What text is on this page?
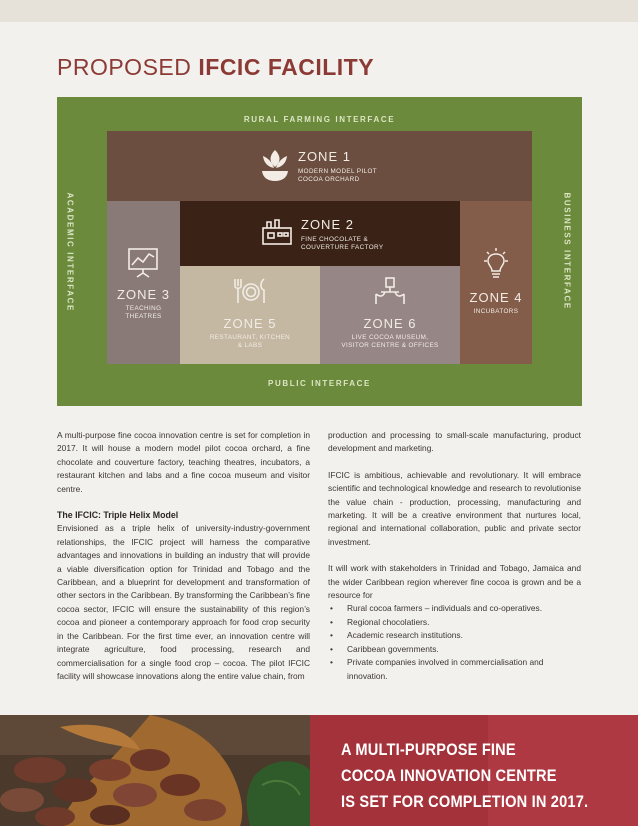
PROPOSED IFCIC FACILITY
RURAL FARMING INTERFACE
PUBLIC INTERFACE
ACADEMIC INTERFACE	BUSINESS INTERFACE
ZONE 1
MODERN MODEL PILOT
COCOA ORCHARD
ZONE 2
FINE CHOCOLATE &
COUVERTURE FACTORY
ZONE 3
TEACHING
THEATRES
ZONE 4
INCUBATORS
ZONE 5
RESTAURANT, KITCHEN
& LABS
ZONE 6
LIVE COCOA MUSEUM,
VISITOR CENTRE & OFFICES

A multi-purpose fine cocoa innovation centre is set for completion in 2017. It will house a modern model pilot cocoa orchard, a fine chocolate and couverture factory, teaching theatres, incubators, a restaurant kitchen and labs and a fine cocoa museum and visitor centre.

The IFCIC: Triple Helix Model

Envisioned as a triple helix of university-industry-government relationships, the IFCIC project will harness the comparative advantages and innovations in building an industry that will provide a viable diversification option for Trinidad and Tobago and the Caribbean, and a blueprint for development and transformation of other sectors in the Caribbean. By transforming the Caribbean’s fine cocoa sector, IFCIC will ensure the sustainability of this region’s cocoa and pioneer a contemporary approach for food crop security in the Caribbean. For the first time ever, an innovation centre will integrate agriculture, food processing, research and commercialisation for a single food crop – cocoa. The pilot IFCIC facility will showcase innovations along the entire value chain, from

production and processing to small-scale manufacturing, product development and marketing.

IFCIC is ambitious, achievable and revolutionary. It will embrace scientific and technological knowledge and research to revolutionise the value chain - production, processing, manufacturing and marketing. It will be a creative environment that nurtures local, regional and international collaboration, public and private sector investment.

It will work with stakeholders in Trinidad and Tobago, Jamaica and the wider Caribbean region wherever fine cocoa is grown and be a resource for

• Rural cocoa farmers – individuals and co-operatives.
• Regional chocolatiers.
• Academic research institutions.
• Caribbean governments.
• Private companies involved in commercialisation and innovation.
A MULTI-PURPOSE FINE
COCOA INNOVATION CENTRE
IS SET FOR COMPLETION IN 2017.
